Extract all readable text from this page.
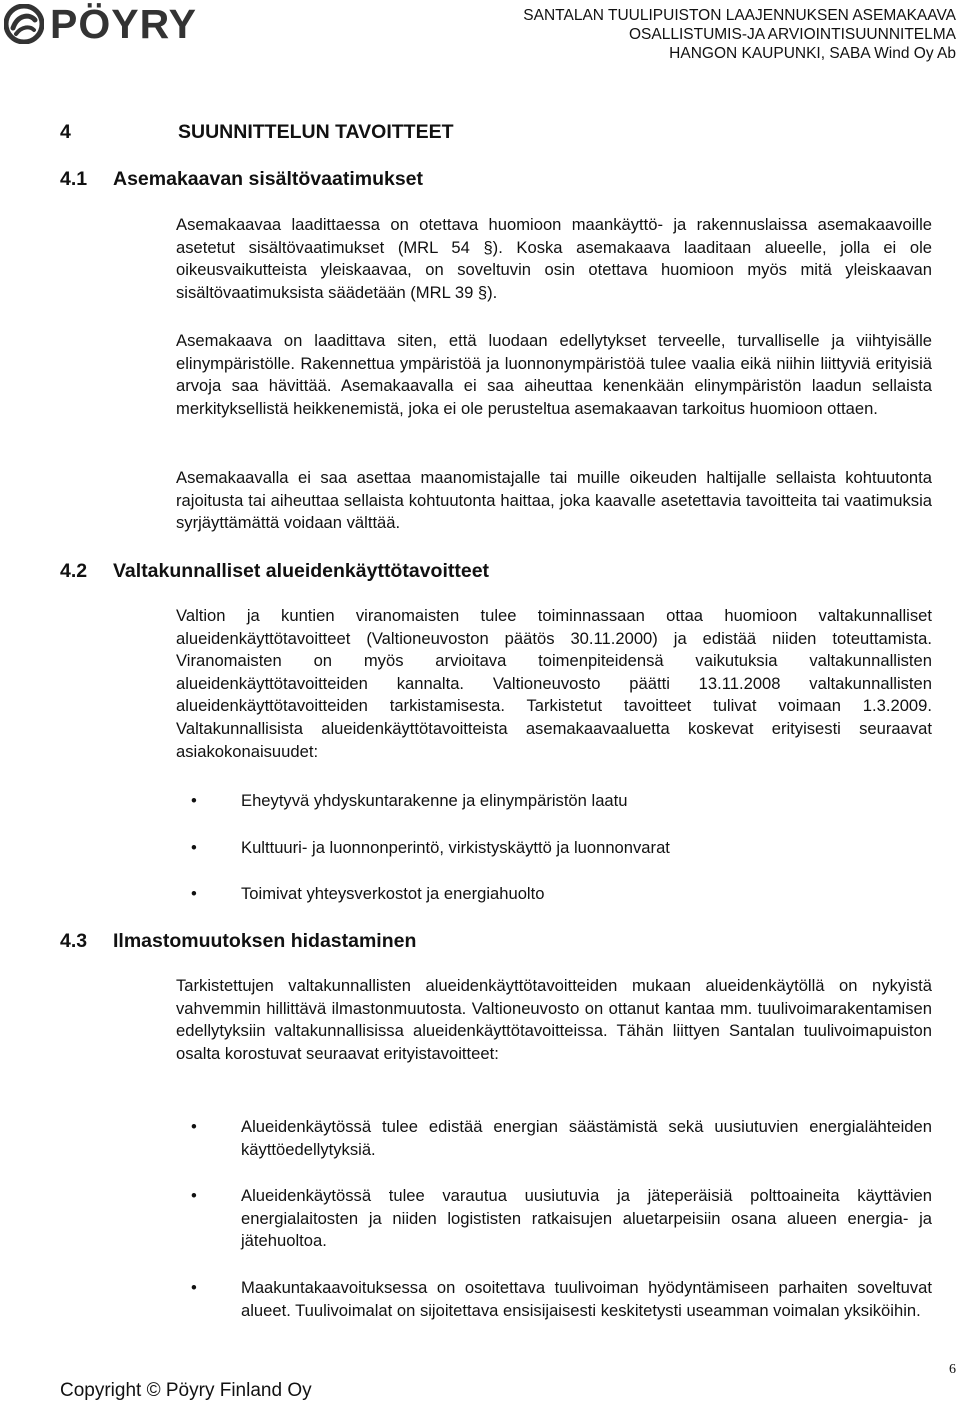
PÖYRY	SANTALAN TUULIPUISTON LAAJENNUKSEN ASEMAKAAVA
OSALLISTUMIS-JA ARVIOINTISUUNNITELMA
HANGON KAUPUNKI, SABA Wind Oy Ab
4	SUUNNITTELUN TAVOITTEET
4.1 Asemakaavan sisältövaatimukset

Asemakaavaa laadittaessa on otettava huomioon maankäyttö- ja rakennuslaissa asemakaavoille asetetut sisältövaatimukset (MRL 54 §). Koska asemakaava laaditaan alueelle, jolla ei ole oikeusvaikutteista yleiskaavaa, on soveltuvin osin otettava huomioon myös mitä yleiskaavan sisältövaatimuksista säädetään (MRL 39 §).

Asemakaava on laadittava siten, että luodaan edellytykset terveelle, turvalliselle ja viihtyisälle elinympäristölle. Rakennettua ympäristöä ja luonnonympäristöä tulee vaalia eikä niihin liittyviä erityisiä arvoja saa hävittää. Asemakaavalla ei saa aiheuttaa kenenkään elinympäristön laadun sellaista merkityksellistä heikkenemistä, joka ei ole perusteltua asemakaavan tarkoitus huomioon ottaen.

Asemakaavalla ei saa asettaa maanomistajalle tai muille oikeuden haltijalle sellaista kohtuutonta rajoitusta tai aiheuttaa sellaista kohtuutonta haittaa, joka kaavalle asetettavia tavoitteita tai vaatimuksia syrjäyttämättä voidaan välttää.

4.2 Valtakunnalliset alueidenkäyttötavoitteet

Valtion ja kuntien viranomaisten tulee toiminnassaan ottaa huomioon valtakunnalliset alueidenkäyttötavoitteet (Valtioneuvoston päätös 30.11.2000) ja edistää niiden toteuttamista. Viranomaisten on myös arvioitava toimenpiteidensä vaikutuksia valtakunnallisten alueidenkäyttötavoitteiden kannalta. Valtioneuvosto päätti 13.11.2008 valtakunnallisten alueidenkäyttötavoitteiden tarkistamisesta. Tarkistetut tavoitteet tulivat voimaan 1.3.2009. Valtakunnallisista alueidenkäyttötavoitteista asemakaavaaluetta koskevat erityisesti seuraavat asiakokonaisuudet:

•	Eheytyvä yhdyskuntarakenne ja elinympäristön laatu
•	Kulttuuri- ja luonnonperintö, virkistyskäyttö ja luonnonvarat
•	Toimivat yhteysverkostot ja energiahuolto
4.3 Ilmastomuutoksen hidastaminen

Tarkistettujen valtakunnallisten alueidenkäyttötavoitteiden mukaan alueidenkäytöllä on nykyistä vahvemmin hillittävä ilmastonmuutosta. Valtioneuvosto on ottanut kantaa mm. tuulivoimarakentamisen edellytyksiin valtakunnallisissa alueidenkäyttötavoitteissa. Tähän liittyen Santalan tuulivoimapuiston osalta korostuvat seuraavat erityistavoitteet:

•	Alueidenkäytössä tulee edistää energian säästämistä sekä uusiutuvien energialähteiden käyttöedellytyksiä.
•	Alueidenkäytössä tulee varautua uusiutuvia ja jäteperäisiä polttoaineita käyttävien energialaitosten ja niiden logististen ratkaisujen aluetarpeisiin osana alueen energia- ja jätehuoltoa.
•	Maakuntakaavoituksessa on osoitettava tuulivoiman hyödyntämiseen parhaiten soveltuvat alueet. Tuulivoimalat on sijoitettava ensisijaisesti keskitetysti useamman voimalan yksiköihin.
Copyright © Pöyry Finland Oy
6
